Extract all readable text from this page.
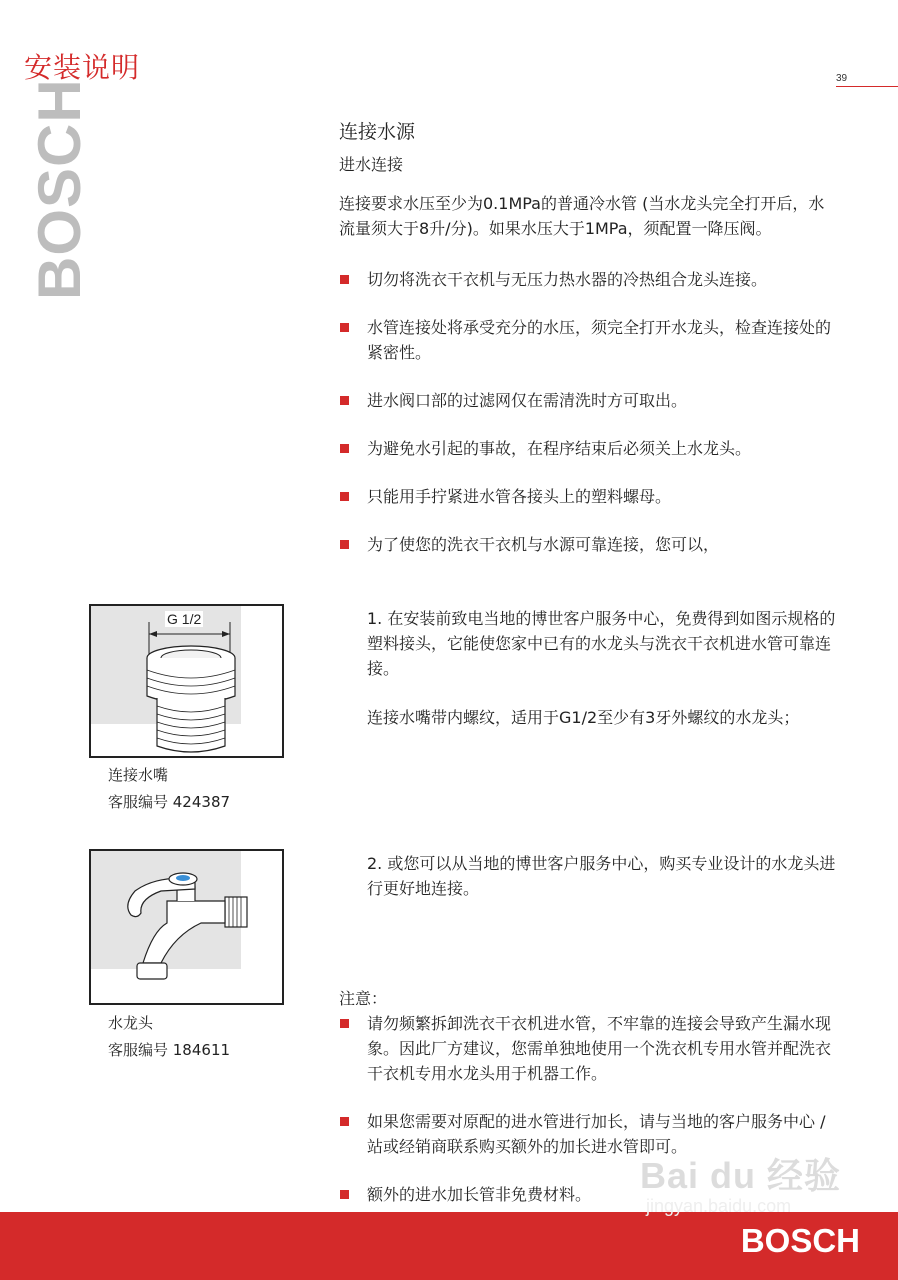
安装说明	39
BOSCH	连接水源
进水连接
连接要求水压至少为0.1MPa的普通冷水管 (当水龙头完全打开后，水流量须大于8升/分)。如果水压大于1MPa，须配置一降压阀。
切勿将洗衣干衣机与无压力热水器的冷热组合龙头连接。
水管连接处将承受充分的水压，须完全打开水龙头，检查连接处的紧密性。
进水阀口部的过滤网仅在需清洗时方可取出。
为避免水引起的事故，在程序结束后必须关上水龙头。
只能用手拧紧进水管各接头上的塑料螺母。
为了使您的洗衣干衣机与水源可靠连接，您可以，
1. 在安装前致电当地的博世客户服务中心，免费得到如图示规格的塑料接头，它能使您家中已有的水龙头与洗衣干衣机进水管可靠连接。
连接水嘴带内螺纹，适用于G1/2至少有3牙外螺纹的水龙头；
2. 或您可以从当地的博世客户服务中心，购买专业设计的水龙头进行更好地连接。
G 1/2
连接水嘴
客服编号 424387
水龙头
客服编号 184611
注意：
请勿频繁拆卸洗衣干衣机进水管，不牢靠的连接会导致产生漏水现象。因此厂方建议，您需单独地使用一个洗衣机专用水管并配洗衣干衣机专用水龙头用于机器工作。
如果您需要对原配的进水管进行加长，请与当地的客户服务中心 /站或经销商联系购买额外的加长进水管即可。
额外的进水加长管非免费材料。
BOSCH
Bai du 经验
jingyan.baidu.com
